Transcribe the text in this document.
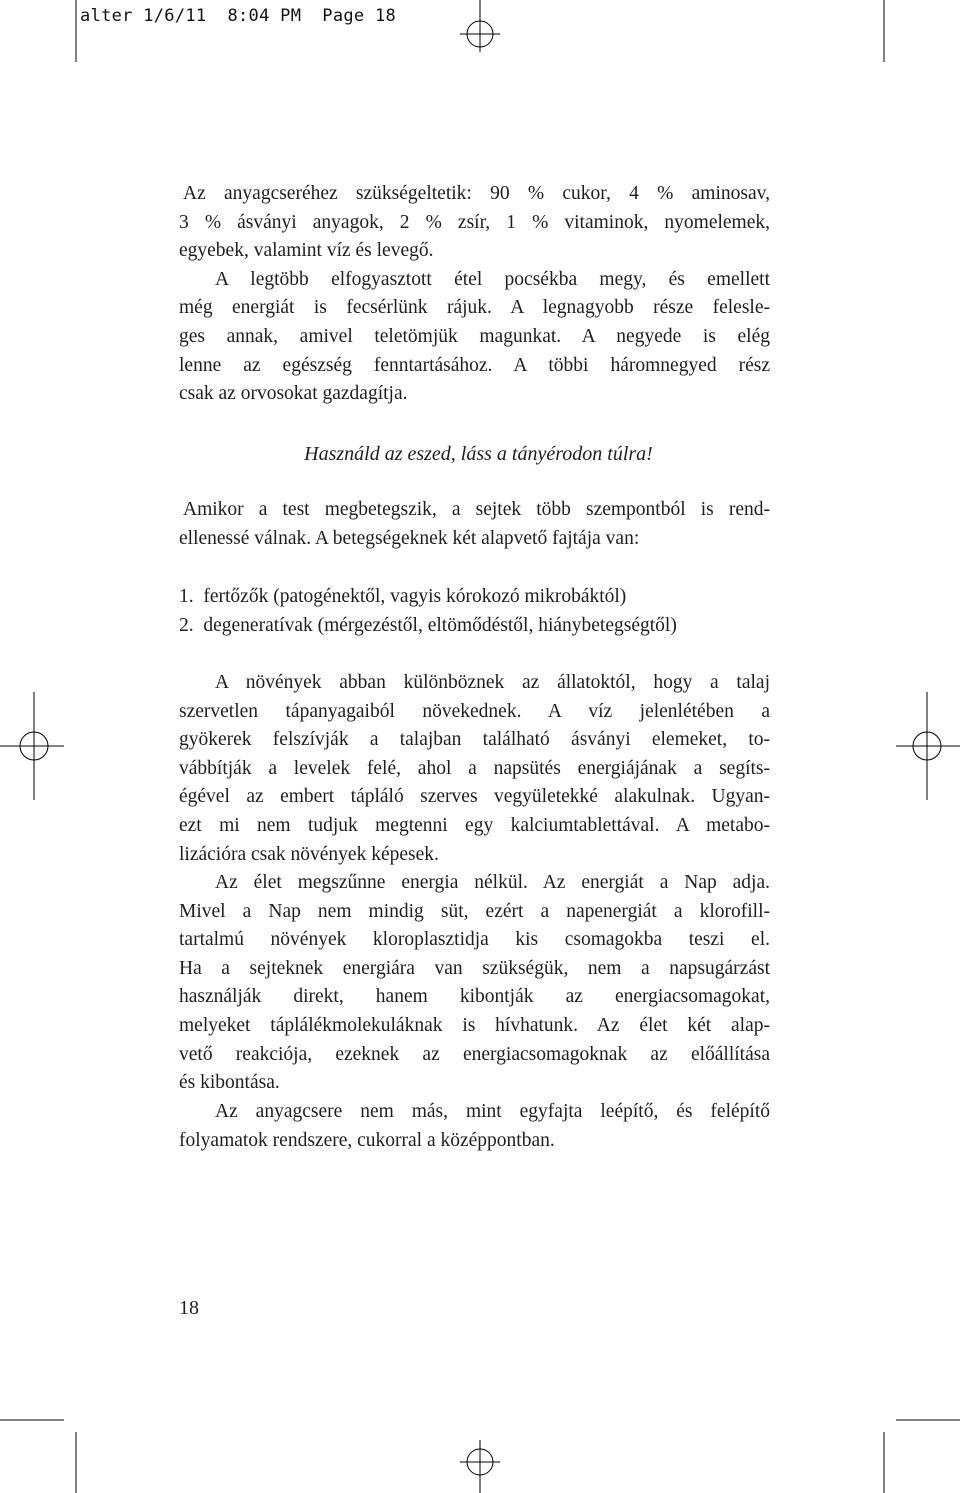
alter 1/6/11  8:04 PM  Page 18
Az anyagcseréhez szükségeltetik: 90 % cukor, 4 % aminosav,
3 % ásványi anyagok, 2 % zsír, 1 % vitaminok, nyomelemek,
egyebek, valamint víz és levegő.
A legtöbb elfogyasztott étel pocsékba megy, és emellett
még energiát is fecsérlünk rájuk. A legnagyobb része feleslе-
ges annak, amivel teletömjük magunkat. A negyede is elég
lenne az egészség fenntartásához. A többi háromnegyed rész
csak az orvosokat gazdagítja.

Használd az eszed, láss a tányérodon túlra!

Amikor a test megbetegszik, a sejtek több szempontból is rend-
ellenessé válnak. A betegségeknek két alapvető fajtája van:
1.  fertőzők (patogénektől, vagyis kórokozó mikrobáktól)
2.  degeneratívak (mérgezéstől, eltömődéstől, hiánybetegségtől)
A növények abban különböznek az állatoktól, hogy a talaj
szervetlen tápanyagaiból növekednek. A víz jelenlétében a
gyökerek felszívják a talajban található ásványi elemeket, to-
vábbítják a levelek felé, ahol a napsütés energiájának a segíts-
égével az embert tápláló szerves vegyületekké alakulnak. Ugyan-
ezt mi nem tudjuk megtenni egy kalciumtablettával. A metabo-
lizációra csak növények képesek.
Az élet megszűnne energia nélkül. Az energiát a Nap adja.
Mivel a Nap nem mindig süt, ezért a napenergiát a klorofill-
tartalmú növények kloroplasztidja kis csomagokba teszi el.
Ha a sejteknek energiára van szükségük, nem a napsugárzást
használják direkt, hanem kibontják az energiacsomagokat,
melyeket táplálékmolekuláknak is hívhatunk. Az élet két alap-
vető reakciója, ezeknek az energiacsomagoknak az előállítása
és kibontása.
Az anyagcsere nem más, mint egyfajta leépítő, és felépítő
folyamatok rendszere, cukorral a középpontban.

18
